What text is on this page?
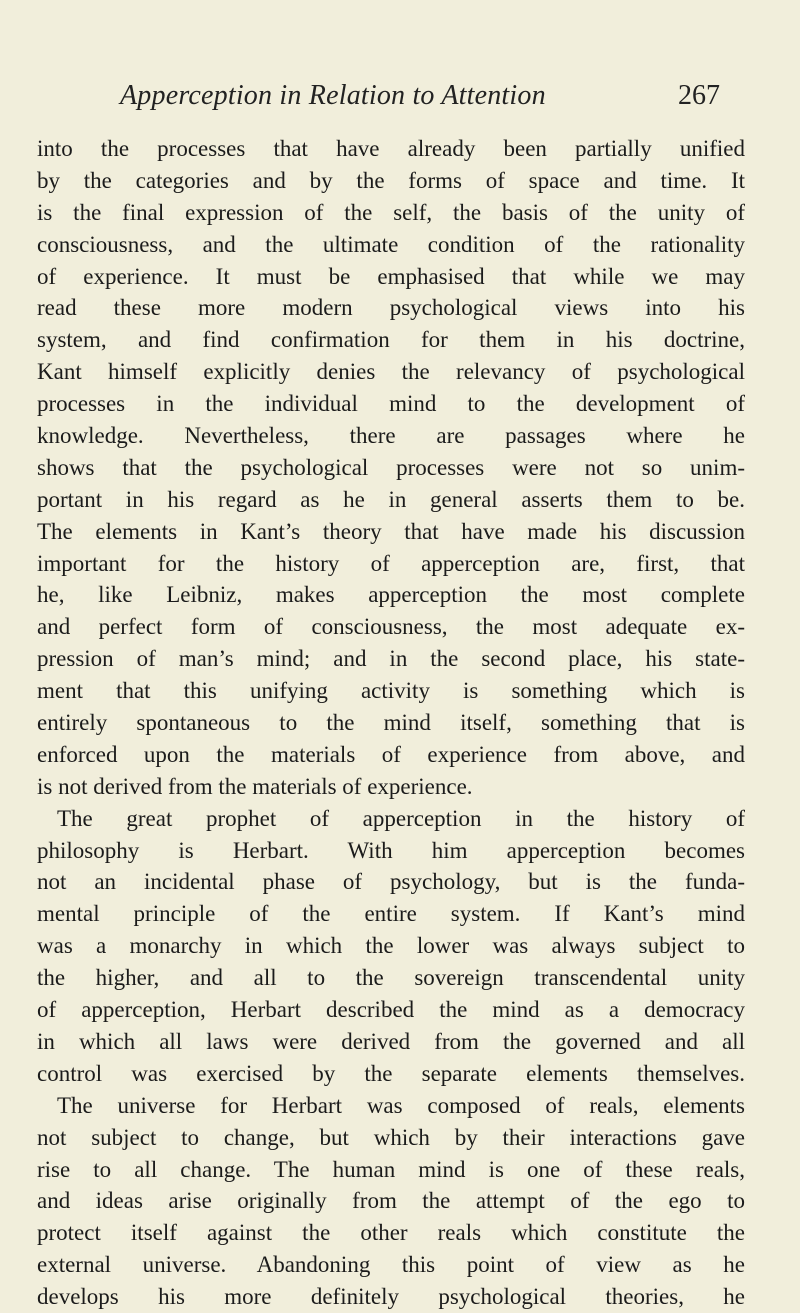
Apperception in Relation to Attention	267
into the processes that have already been partially unified
by the categories and by the forms of space and time. It
is the final expression of the self, the basis of the unity of
consciousness, and the ultimate condition of the rationality
of experience. It must be emphasised that while we may
read these more modern psychological views into his
system, and find confirmation for them in his doctrine,
Kant himself explicitly denies the relevancy of psychological
processes in the individual mind to the development of
knowledge. Nevertheless, there are passages where he
shows that the psychological processes were not so unim-
portant in his regard as he in general asserts them to be.
The elements in Kant’s theory that have made his discussion
important for the history of apperception are, first, that
he, like Leibniz, makes apperception the most complete
and perfect form of consciousness, the most adequate ex-
pression of man’s mind; and in the second place, his state-
ment that this unifying activity is something which is
entirely spontaneous to the mind itself, something that is
enforced upon the materials of experience from above, and
is not derived from the materials of experience.
The great prophet of apperception in the history of
philosophy is Herbart. With him apperception becomes
not an incidental phase of psychology, but is the funda-
mental principle of the entire system. If Kant’s mind
was a monarchy in which the lower was always subject to
the higher, and all to the sovereign transcendental unity
of apperception, Herbart described the mind as a democracy
in which all laws were derived from the governed and all
control was exercised by the separate elements themselves.
The universe for Herbart was composed of reals, elements
not subject to change, but which by their interactions gave
rise to all change. The human mind is one of these reals,
and ideas arise originally from the attempt of the ego to
protect itself against the other reals which constitute the
external universe. Abandoning this point of view as he
develops his more definitely psychological theories, he
